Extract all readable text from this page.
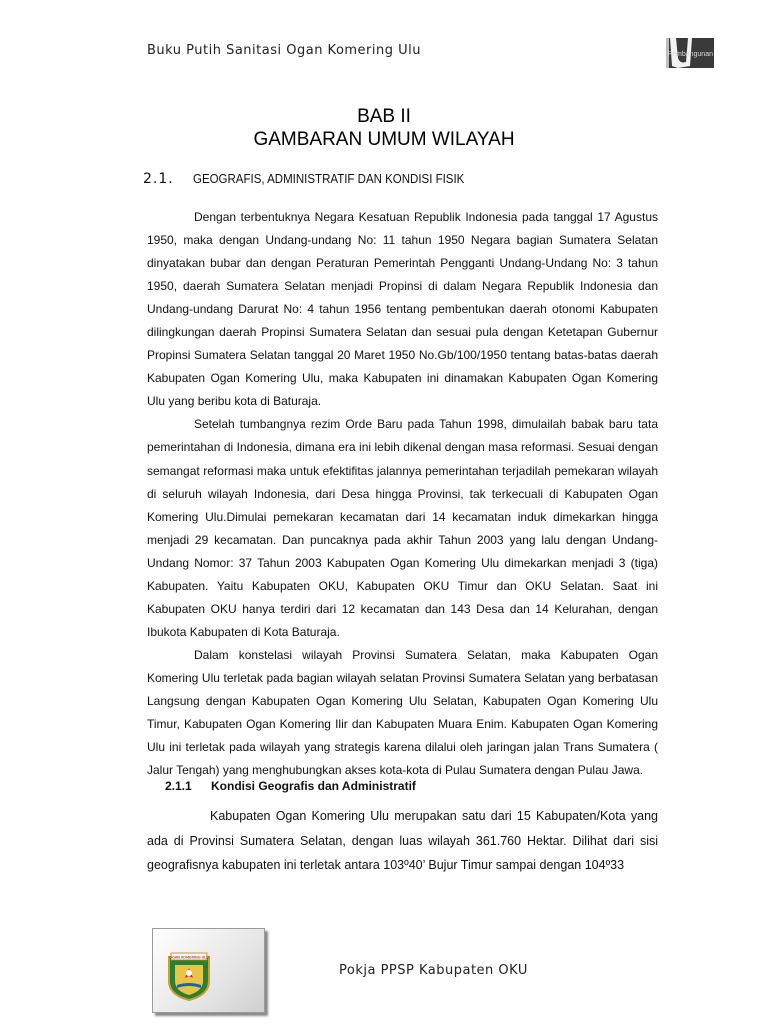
Buku Putih Sanitasi Ogan Komering Ulu	Pembangunan
BAB II
GAMBARAN UMUM WILAYAH
2.1. GEOGRAFIS, ADMINISTRATIF DAN KONDISI FISIK

Dengan terbentuknya Negara Kesatuan Republik Indonesia pada tanggal 17 Agustus 1950, maka dengan Undang-undang No: 11 tahun 1950 Negara bagian Sumatera Selatan dinyatakan bubar dan dengan Peraturan Pemerintah Pengganti Undang-Undang No: 3 tahun 1950, daerah Sumatera Selatan menjadi Propinsi di dalam Negara Republik Indonesia dan Undang-undang Darurat No: 4 tahun 1956 tentang pembentukan daerah otonomi Kabupaten dilingkungan daerah Propinsi Sumatera Selatan dan sesuai pula dengan Ketetapan Gubernur Propinsi Sumatera Selatan tanggal 20 Maret 1950 No.Gb/100/1950 tentang batas-batas daerah Kabupaten Ogan Komering Ulu, maka Kabupaten ini dinamakan Kabupaten Ogan Komering Ulu yang beribu kota di Baturaja.

Setelah tumbangnya rezim Orde Baru pada Tahun 1998, dimulailah babak baru tata pemerintahan di Indonesia, dimana era ini lebih dikenal dengan masa reformasi. Sesuai dengan semangat reformasi maka untuk efektifitas jalannya pemerintahan terjadilah pemekaran wilayah di seluruh wilayah Indonesia, dari Desa hingga Provinsi, tak terkecuali di Kabupaten Ogan Komering Ulu.Dimulai pemekaran kecamatan dari 14 kecamatan induk dimekarkan hingga menjadi 29 kecamatan. Dan puncaknya pada akhir Tahun 2003 yang lalu dengan Undang-Undang Nomor: 37 Tahun 2003 Kabupaten Ogan Komering Ulu dimekarkan menjadi 3 (tiga) Kabupaten. Yaitu Kabupaten OKU, Kabupaten OKU Timur dan OKU Selatan. Saat ini Kabupaten OKU hanya terdiri dari 12 kecamatan dan 143 Desa dan 14 Kelurahan, dengan Ibukota Kabupaten di Kota Baturaja.

Dalam konstelasi wilayah Provinsi Sumatera Selatan, maka Kabupaten Ogan Komering Ulu terletak pada bagian wilayah selatan Provinsi Sumatera Selatan yang berbatasan Langsung dengan Kabupaten Ogan Komering Ulu Selatan, Kabupaten Ogan Komering Ulu Timur, Kabupaten Ogan Komering Ilir dan Kabupaten Muara Enim. Kabupaten Ogan Komering Ulu ini terletak pada wilayah yang strategis karena dilalui oleh jaringan jalan Trans Sumatera ( Jalur Tengah) yang menghubungkan akses kota-kota di Pulau Sumatera dengan Pulau Jawa.

2.1.1 Kondisi Geografis dan Administratif

Kabupaten Ogan Komering Ulu merupakan satu dari 15 Kabupaten/Kota yang ada di Provinsi Sumatera Selatan, dengan luas wilayah 361.760 Hektar. Dilihat dari sisi geografisnya kabupaten ini terletak antara 103º40’ Bujur Timur sampai dengan 104º33

OGAN KOMERING ULU
Pokja PPSP Kabupaten OKU
